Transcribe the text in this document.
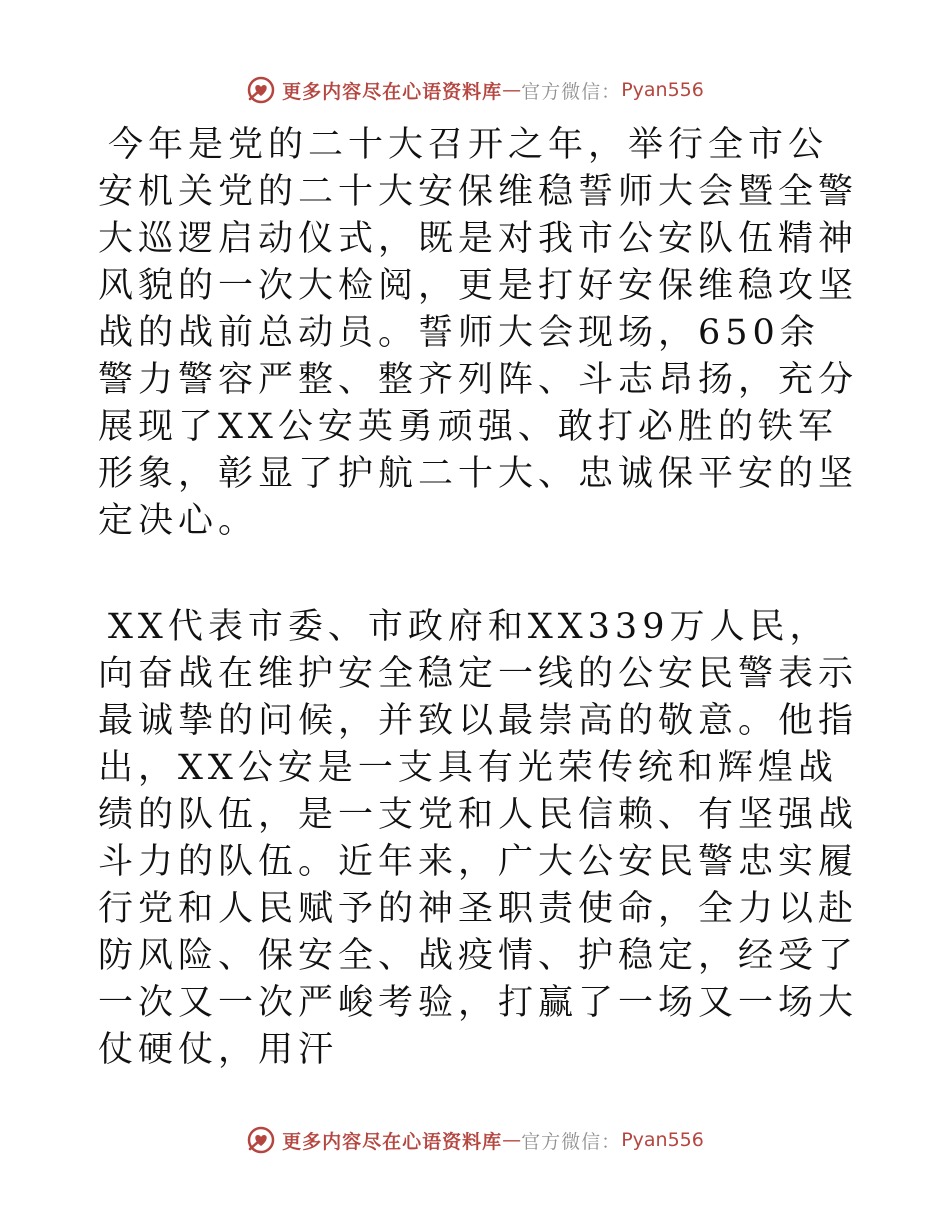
更多内容尽在心语资料库 — 官方微信： Pyan556
今年是党的二十大召开之年，举行全市公安机关党的二十大安保维稳誓师大会暨全警大巡逻启动仪式，既是对我市公安队伍精神风貌的一次大检阅，更是打好安保维稳攻坚战的战前总动员。誓师大会现场，650余警力警容严整、整齐列阵、斗志昂扬，充分展现了XX公安英勇顽强、敢打必胜的铁军形象，彰显了护航二十大、忠诚保平安的坚定决心。
XX代表市委、市政府和XX339万人民，向奋战在维护安全稳定一线的公安民警表示最诚挚的问候，并致以最崇高的敬意。他指出，XX公安是一支具有光荣传统和辉煌战绩的队伍，是一支党和人民信赖、有坚强战斗力的队伍。近年来，广大公安民警忠实履行党和人民赋予的神圣职责使命，全力以赴防风险、保安全、战疫情、护稳定，经受了一次又一次严峻考验，打赢了一场又一场大仗硬仗，用汗
更多内容尽在心语资料库 — 官方微信： Pyan556
